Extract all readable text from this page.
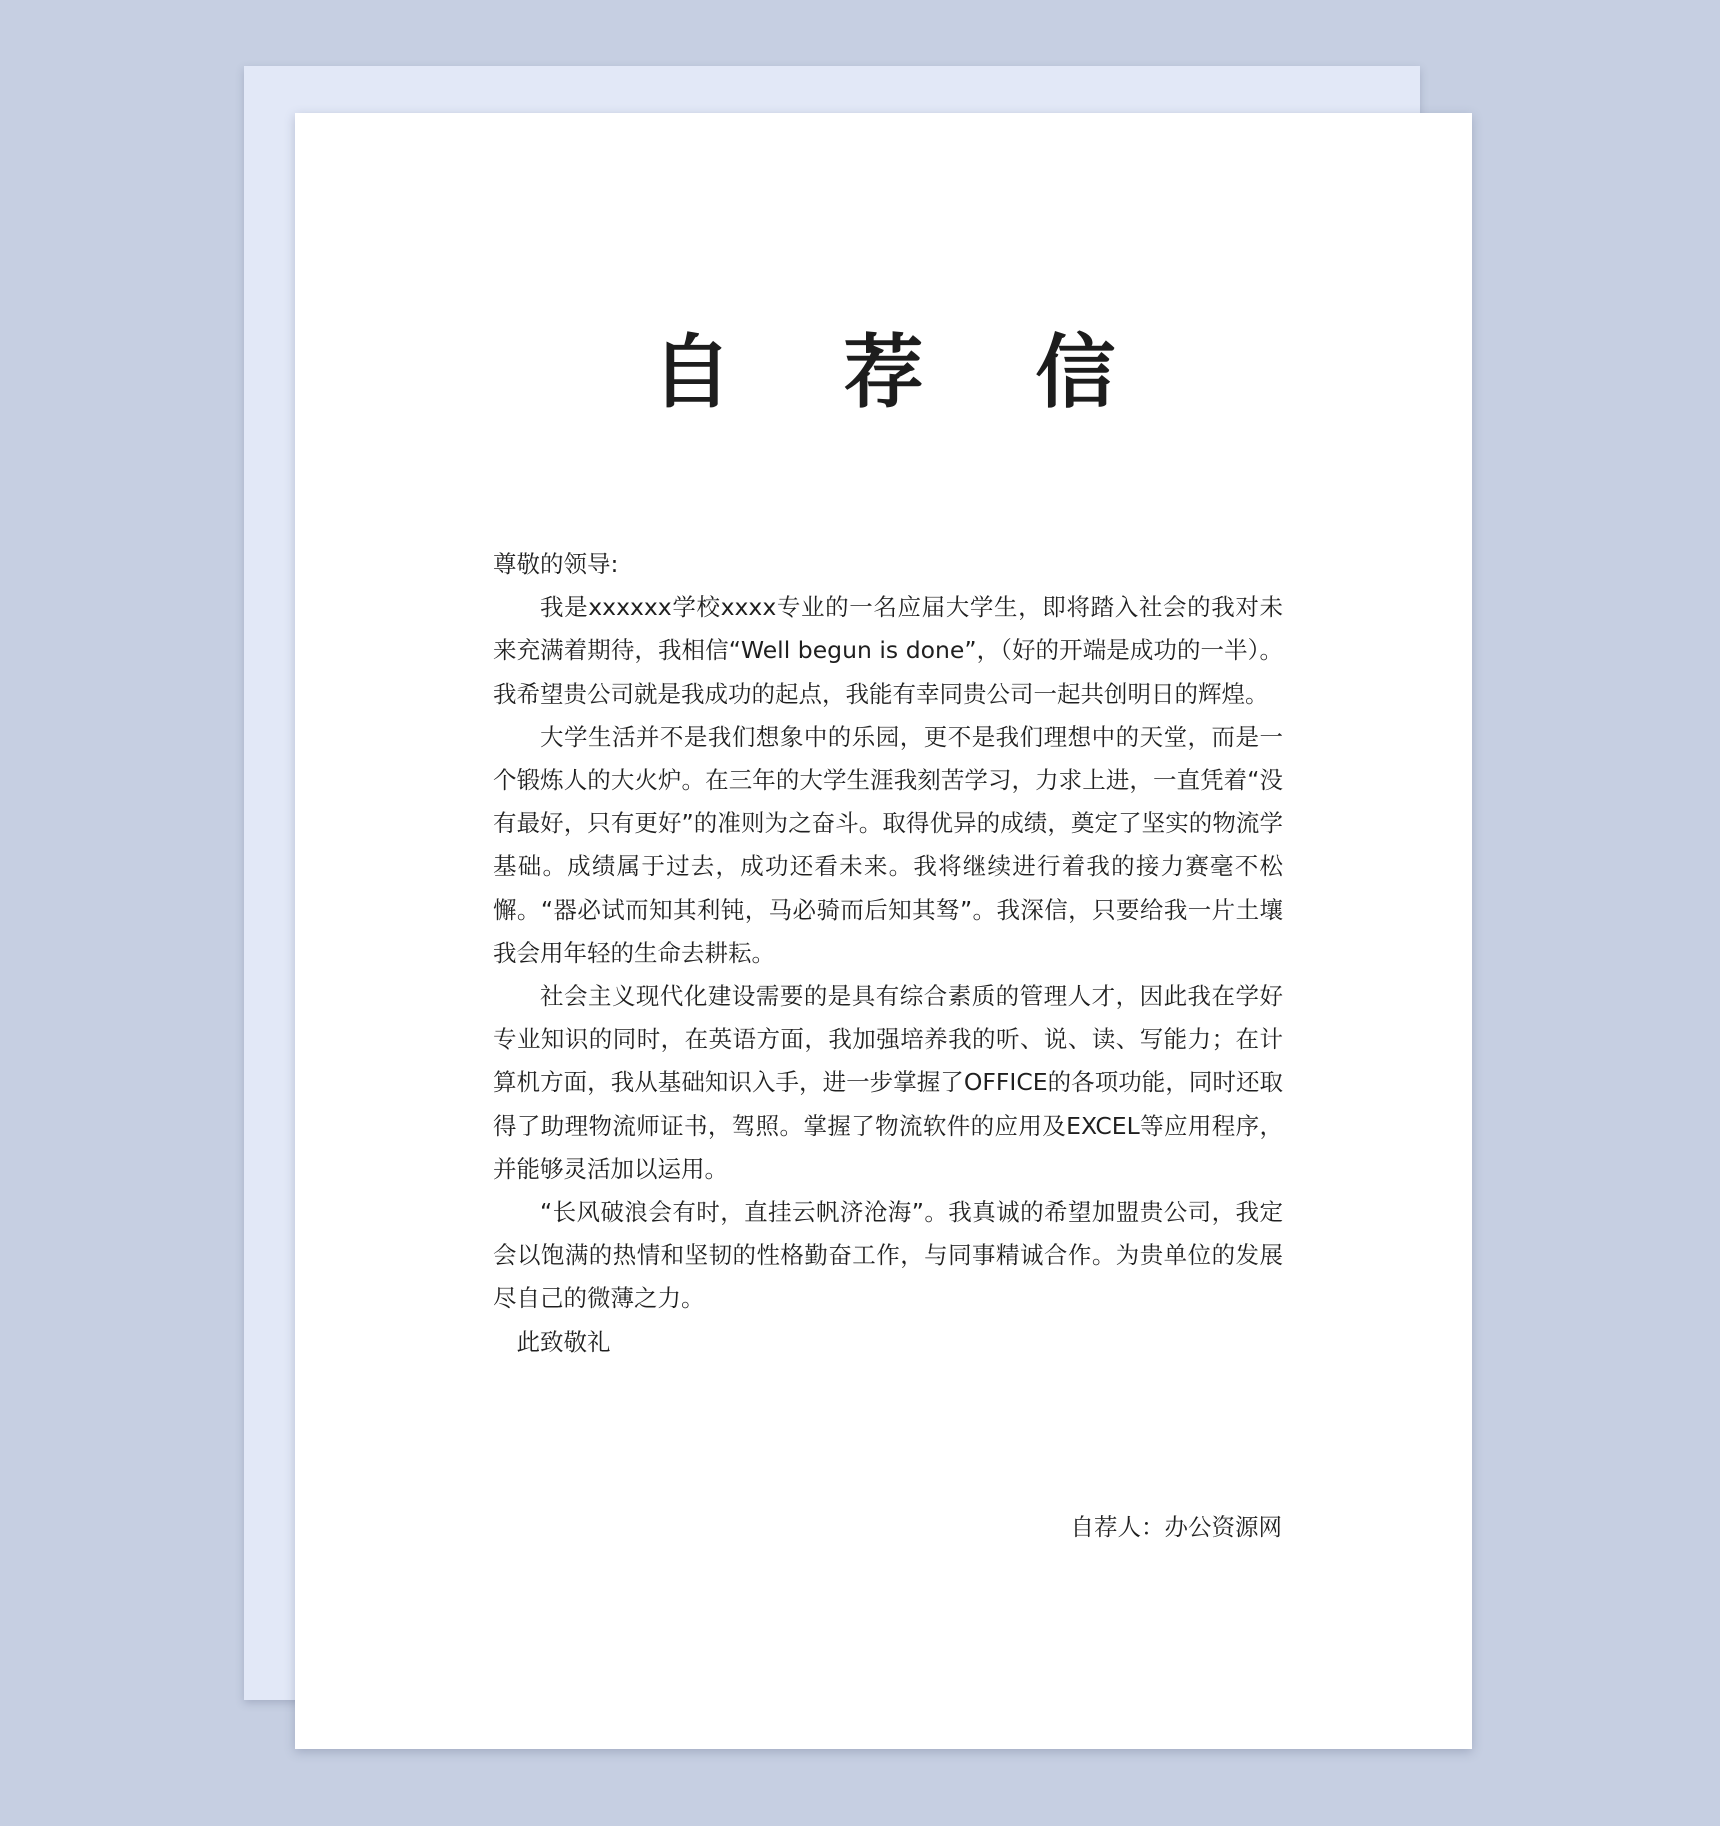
自 荐 信

尊敬的领导:

我是xxxxxx学校xxxx专业的一名应届大学生，即将踏入社会的我对未来充满着期待，我相信“Well begun is done”，（好的开端是成功的一半）。我希望贵公司就是我成功的起点，我能有幸同贵公司一起共创明日的辉煌。

大学生活并不是我们想象中的乐园，更不是我们理想中的天堂，而是一个锻炼人的大火炉。在三年的大学生涯我刻苦学习，力求上进，一直凭着“没有最好，只有更好”的准则为之奋斗。取得优异的成绩，奠定了坚实的物流学基础。成绩属于过去，成功还看未来。我将继续进行着我的接力赛毫不松懈。“器必试而知其利钝，马必骑而后知其驽”。我深信，只要给我一片土壤我会用年轻的生命去耕耘。

社会主义现代化建设需要的是具有综合素质的管理人才，因此我在学好专业知识的同时，在英语方面，我加强培养我的听、说、读、写能力；在计算机方面，我从基础知识入手，进一步掌握了OFFICE的各项功能，同时还取得了助理物流师证书，驾照。掌握了物流软件的应用及EXCEL等应用程序，并能够灵活加以运用。

“长风破浪会有时，直挂云帆济沧海”。我真诚的希望加盟贵公司，我定会以饱满的热情和坚韧的性格勤奋工作，与同事精诚合作。为贵单位的发展尽自己的微薄之力。

此致敬礼

自荐人：办公资源网
